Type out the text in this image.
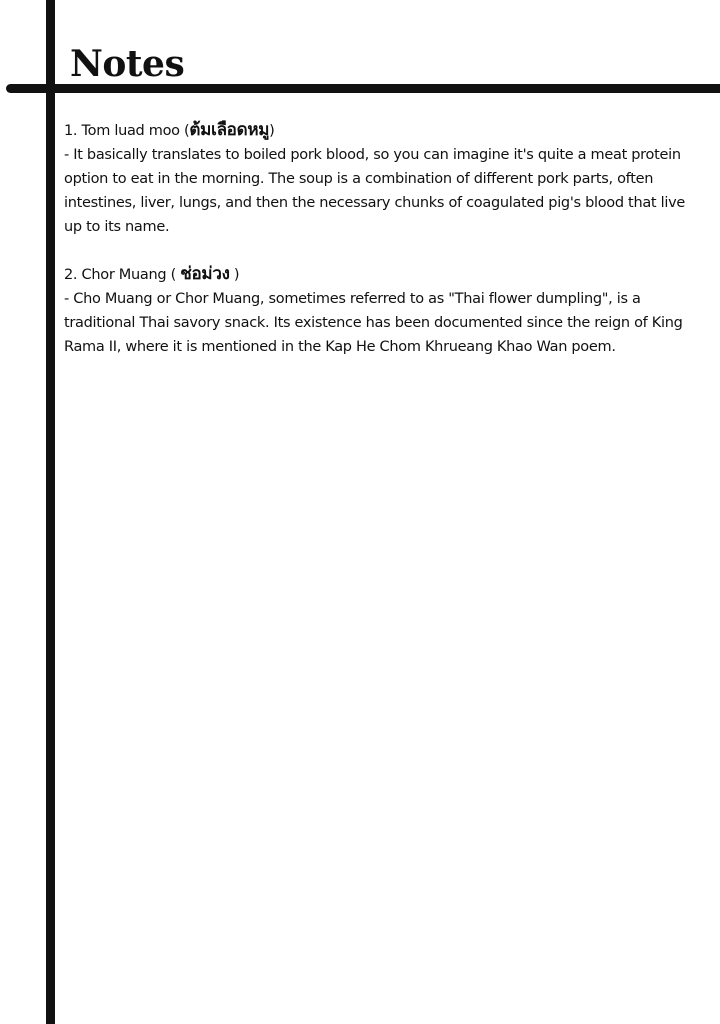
Notes
1. Tom luad moo (ต้มเลือดหมู)

- It basically translates to boiled pork blood, so you can imagine it's quite a meat protein option to eat in the morning. The soup is a combination of different pork parts, often intestines, liver, lungs, and then the necessary chunks of coagulated pig's blood that live up to its name.

2. Chor Muang ( ช่อม่วง )

- Cho Muang or Chor Muang, sometimes referred to as "Thai flower dumpling", is a traditional Thai savory snack. Its existence has been documented since the reign of King Rama II, where it is mentioned in the Kap He Chom Khrueang Khao Wan poem.
